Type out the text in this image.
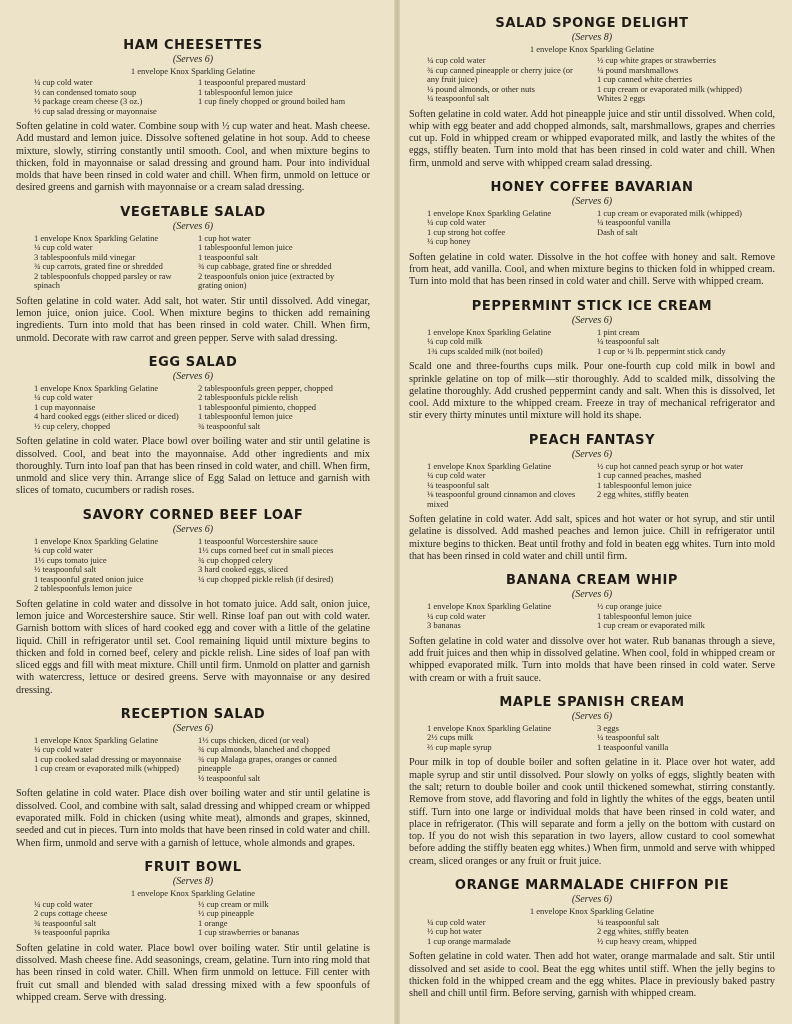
HAM CHEESETTES
(Serves 6)
1 envelope Knox Sparkling Gelatine
¼ cup cold water
½ can condensed tomato soup
½ package cream cheese (3 oz.)
½ cup salad dressing or mayonnaise
1 teaspoonful prepared mustard
1 tablespoonful lemon juice
1 cup finely chopped or ground boiled ham

Soften gelatine in cold water. Combine soup with ½ cup water and heat. Mash cheese. Add mustard and lemon juice. Dissolve softened gelatine in hot soup. Add to cheese mixture, slowly, stirring constantly until smooth. Cool, and when mixture begins to thicken, fold in mayonnaise or salad dressing and ground ham. Pour into individual molds that have been rinsed in cold water and chill. When firm, unmold on lettuce or desired greens and garnish with mayonnaise or a cream salad dressing.

VEGETABLE SALAD
(Serves 6)
1 envelope Knox Sparkling Gelatine
¼ cup cold water
3 tablespoonfuls mild vinegar
¾ cup carrots, grated fine or shredded
2 tablespoonfuls chopped parsley or raw spinach
1 cup hot water
1 tablespoonful lemon juice
1 teaspoonful salt
¾ cup cabbage, grated fine or shredded
2 teaspoonfuls onion juice (extracted by grating onion)

Soften gelatine in cold water. Add salt, hot water. Stir until dissolved. Add vinegar, lemon juice, onion juice. Cool. When mixture begins to thicken add remaining ingredients. Turn into mold that has been rinsed in cold water. Chill. When firm, unmold. Decorate with raw carrot and green pepper. Serve with salad dressing.

EGG SALAD
(Serves 6)
1 envelope Knox Sparkling Gelatine
¼ cup cold water
1 cup mayonnaise
4 hard cooked eggs (either sliced or diced)
½ cup celery, chopped
2 tablespoonfuls green pepper, chopped
2 tablespoonfuls pickle relish
1 tablespoonful pimiento, chopped
1 tablespoonful lemon juice
¾ teaspoonful salt

Soften gelatine in cold water. Place bowl over boiling water and stir until gelatine is dissolved. Cool, and beat into the mayonnaise. Add other ingredients and mix thoroughly. Turn into loaf pan that has been rinsed in cold water, and chill. When firm, unmold and slice very thin. Arrange slice of Egg Salad on lettuce and garnish with slices of tomato, cucumbers or radish roses.

SAVORY CORNED BEEF LOAF
(Serves 6)
1 envelope Knox Sparkling Gelatine
¼ cup cold water
1½ cups tomato juice
½ teaspoonful salt
1 teaspoonful grated onion juice
2 tablespoonfuls lemon juice
1 teaspoonful Worcestershire sauce
1½ cups corned beef cut in small pieces
¾ cup chopped celery
3 hard cooked eggs, sliced
¼ cup chopped pickle relish (if desired)

Soften gelatine in cold water and dissolve in hot tomato juice. Add salt, onion juice, lemon juice and Worcestershire sauce. Stir well. Rinse loaf pan out with cold water. Garnish bottom with slices of hard cooked egg and cover with a little of the gelatine liquid. Chill in refrigerator until set. Cool remaining liquid until mixture begins to thicken and fold in corned beef, celery and pickle relish. Line sides of loaf pan with sliced eggs and fill with meat mixture. Chill until firm. Unmold on platter and garnish with watercress, lettuce or desired greens. Serve with mayonnaise or any desired dressing.

RECEPTION SALAD
(Serves 6)
1 envelope Knox Sparkling Gelatine
¼ cup cold water
1 cup cooked salad dressing or mayonnaise
1 cup cream or evaporated milk (whipped)
1½ cups chicken, diced (or veal)
¾ cup almonds, blanched and chopped
¾ cup Malaga grapes, oranges or canned pineapple
½ teaspoonful salt

Soften gelatine in cold water. Place dish over boiling water and stir until gelatine is dissolved. Cool, and combine with salt, salad dressing and whipped cream or whipped evaporated milk. Fold in chicken (using white meat), almonds and grapes, skinned, seeded and cut in pieces. Turn into molds that have been rinsed in cold water and chill. When firm, unmold and serve with a garnish of lettuce, whole almonds and grapes.

FRUIT BOWL
(Serves 8)
1 envelope Knox Sparkling Gelatine
¼ cup cold water
2 cups cottage cheese
¾ teaspoonful salt
⅛ teaspoonful paprika
½ cup cream or milk
½ cup pineapple
1 orange
1 cup strawberries or bananas

Soften gelatine in cold water. Place bowl over boiling water. Stir until gelatine is dissolved. Mash cheese fine. Add seasonings, cream, gelatine. Turn into ring mold that has been rinsed in cold water. Chill. When firm unmold on lettuce. Fill center with fruit cut small and blended with salad dressing mixed with a few spoonfuls of whipped cream. Serve with dressing.

SALAD SPONGE DELIGHT
(Serves 8)
1 envelope Knox Sparkling Gelatine
¼ cup cold water
¾ cup canned pineapple or cherry juice (or any fruit juice)
¼ pound almonds, or other nuts
¼ teaspoonful salt
½ cup white grapes or strawberries
¼ pound marshmallows
1 cup canned white cherries
1 cup cream or evaporated milk (whipped)
Whites 2 eggs

Soften gelatine in cold water. Add hot pineapple juice and stir until dissolved. When cold, whip with egg beater and add chopped almonds, salt, marshmallows, grapes and cherries cut up. Fold in whipped cream or whipped evaporated milk, and lastly the whites of the eggs, stiffly beaten. Turn into mold that has been rinsed in cold water and chill. When firm, unmold and serve with whipped cream salad dressing.

HONEY COFFEE BAVARIAN
(Serves 6)
1 envelope Knox Sparkling Gelatine
¼ cup cold water
1 cup strong hot coffee
¼ cup honey
1 cup cream or evaporated milk (whipped)
¼ teaspoonful vanilla
Dash of salt

Soften gelatine in cold water. Dissolve in the hot coffee with honey and salt. Remove from heat, add vanilla. Cool, and when mixture begins to thicken fold in whipped cream. Turn into mold that has been rinsed in cold water and chill. Serve with whipped cream.

PEPPERMINT STICK ICE CREAM
(Serves 6)
1 envelope Knox Sparkling Gelatine
¼ cup cold milk
1¾ cups scalded milk (not boiled)
1 pint cream
¼ teaspoonful salt
1 cup or ¼ lb. peppermint stick candy

Scald one and three-fourths cups milk. Pour one-fourth cup cold milk in bowl and sprinkle gelatine on top of milk—stir thoroughly. Add to scalded milk, dissolving the gelatine thoroughly. Add crushed peppermint candy and salt. When this is dissolved, let cool. Add mixture to the whipped cream. Freeze in tray of mechanical refrigerator and stir every thirty minutes until mixture will hold its shape.

PEACH FANTASY
(Serves 6)
1 envelope Knox Sparkling Gelatine
¼ cup cold water
¼ teaspoonful salt
⅛ teaspoonful ground cinnamon and cloves mixed
½ cup hot canned peach syrup or hot water
1 cup canned peaches, mashed
1 tablespoonful lemon juice
2 egg whites, stiffly beaten

Soften gelatine in cold water. Add salt, spices and hot water or hot syrup, and stir until gelatine is dissolved. Add mashed peaches and lemon juice. Chill in refrigerator until mixture begins to thicken. Beat until frothy and fold in beaten egg whites. Turn into mold that has been rinsed in cold water and chill until firm.

BANANA CREAM WHIP
(Serves 6)
1 envelope Knox Sparkling Gelatine
¼ cup cold water
3 bananas
½ cup orange juice
1 tablespoonful lemon juice
1 cup cream or evaporated milk

Soften gelatine in cold water and dissolve over hot water. Rub bananas through a sieve, add fruit juices and then whip in dissolved gelatine. When cool, fold in whipped cream or whipped evaporated milk. Turn into molds that have been rinsed in cold water. Serve with cream or with a fruit sauce.

MAPLE SPANISH CREAM
(Serves 6)
1 envelope Knox Sparkling Gelatine
2½ cups milk
⅔ cup maple syrup
3 eggs
¼ teaspoonful salt
1 teaspoonful vanilla

Pour milk in top of double boiler and soften gelatine in it. Place over hot water, add maple syrup and stir until dissolved. Pour slowly on yolks of eggs, slightly beaten with the salt; return to double boiler and cook until thickened somewhat, stirring constantly. Remove from stove, add flavoring and fold in lightly the whites of the eggs, beaten until stiff. Turn into one large or individual molds that have been rinsed in cold water, and place in refrigerator. (This will separate and form a jelly on the bottom with custard on top. If you do not wish this separation in two layers, allow custard to cool somewhat before adding the stiffly beaten egg whites.) When firm, unmold and serve with whipped cream, sliced oranges or any fruit or fruit juice.

ORANGE MARMALADE CHIFFON PIE
(Serves 6)
1 envelope Knox Sparkling Gelatine
¼ cup cold water
½ cup hot water
1 cup orange marmalade
¼ teaspoonful salt
2 egg whites, stiffly beaten
½ cup heavy cream, whipped

Soften gelatine in cold water. Then add hot water, orange marmalade and salt. Stir until dissolved and set aside to cool. Beat the egg whites until stiff. When the jelly begins to thicken fold in the whipped cream and the egg whites. Place in previously baked pastry shell and chill until firm. Before serving, garnish with whipped cream.
